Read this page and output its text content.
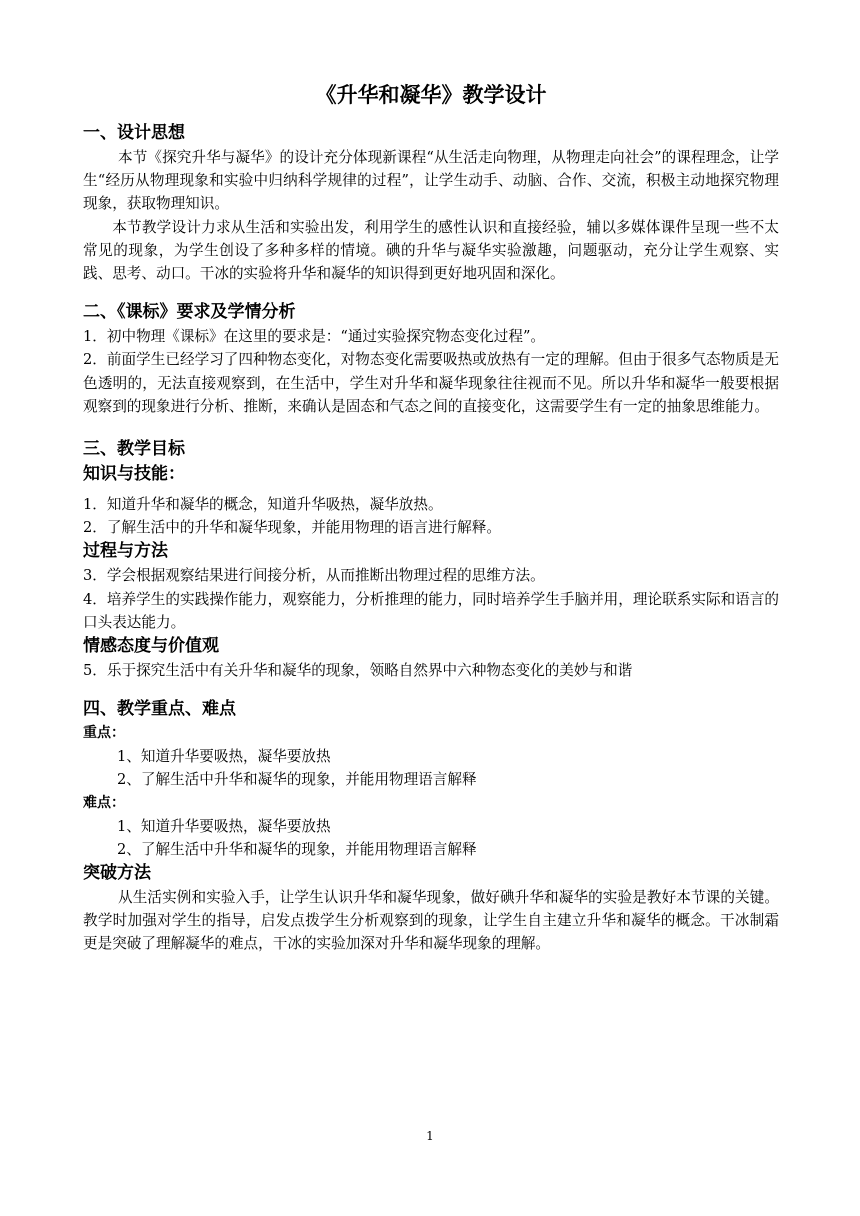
《升华和凝华》教学设计
一、设计思想

本节《探究升华与凝华》的设计充分体现新课程“从生活走向物理，从物理走向社会”的课程理念，让学生“经历从物理现象和实验中归纳科学规律的过程”，让学生动手、动脑、合作、交流，积极主动地探究物理现象，获取物理知识。

本节教学设计力求从生活和实验出发，利用学生的感性认识和直接经验，辅以多媒体课件呈现一些不太常见的现象，为学生创设了多种多样的情境。碘的升华与凝华实验激趣，问题驱动，充分让学生观察、实践、思考、动口。干冰的实验将升华和凝华的知识得到更好地巩固和深化。

二、《课标》要求及学情分析

1．初中物理《课标》在这里的要求是：“通过实验探究物态变化过程”。

2．前面学生已经学习了四种物态变化，对物态变化需要吸热或放热有一定的理解。但由于很多气态物质是无色透明的，无法直接观察到，在生活中，学生对升华和凝华现象往往视而不见。所以升华和凝华一般要根据观察到的现象进行分析、推断，来确认是固态和气态之间的直接变化，这需要学生有一定的抽象思维能力。

三、教学目标
知识与技能：

1．知道升华和凝华的概念，知道升华吸热，凝华放热。

2．了解生活中的升华和凝华现象，并能用物理的语言进行解释。

过程与方法

3．学会根据观察结果进行间接分析，从而推断出物理过程的思维方法。

4．培养学生的实践操作能力，观察能力，分析推理的能力，同时培养学生手脑并用，理论联系实际和语言的口头表达能力。

情感态度与价值观

5．乐于探究生活中有关升华和凝华的现象，领略自然界中六种物态变化的美妙与和谐

四、教学重点、难点
重点：

1、知道升华要吸热，凝华要放热

2、了解生活中升华和凝华的现象，并能用物理语言解释

难点：

1、知道升华要吸热，凝华要放热

2、了解生活中升华和凝华的现象，并能用物理语言解释

突破方法

从生活实例和实验入手，让学生认识升华和凝华现象，做好碘升华和凝华的实验是教好本节课的关键。教学时加强对学生的指导，启发点拨学生分析观察到的现象，让学生自主建立升华和凝华的概念。干冰制霜更是突破了理解凝华的难点，干冰的实验加深对升华和凝华现象的理解。

1
